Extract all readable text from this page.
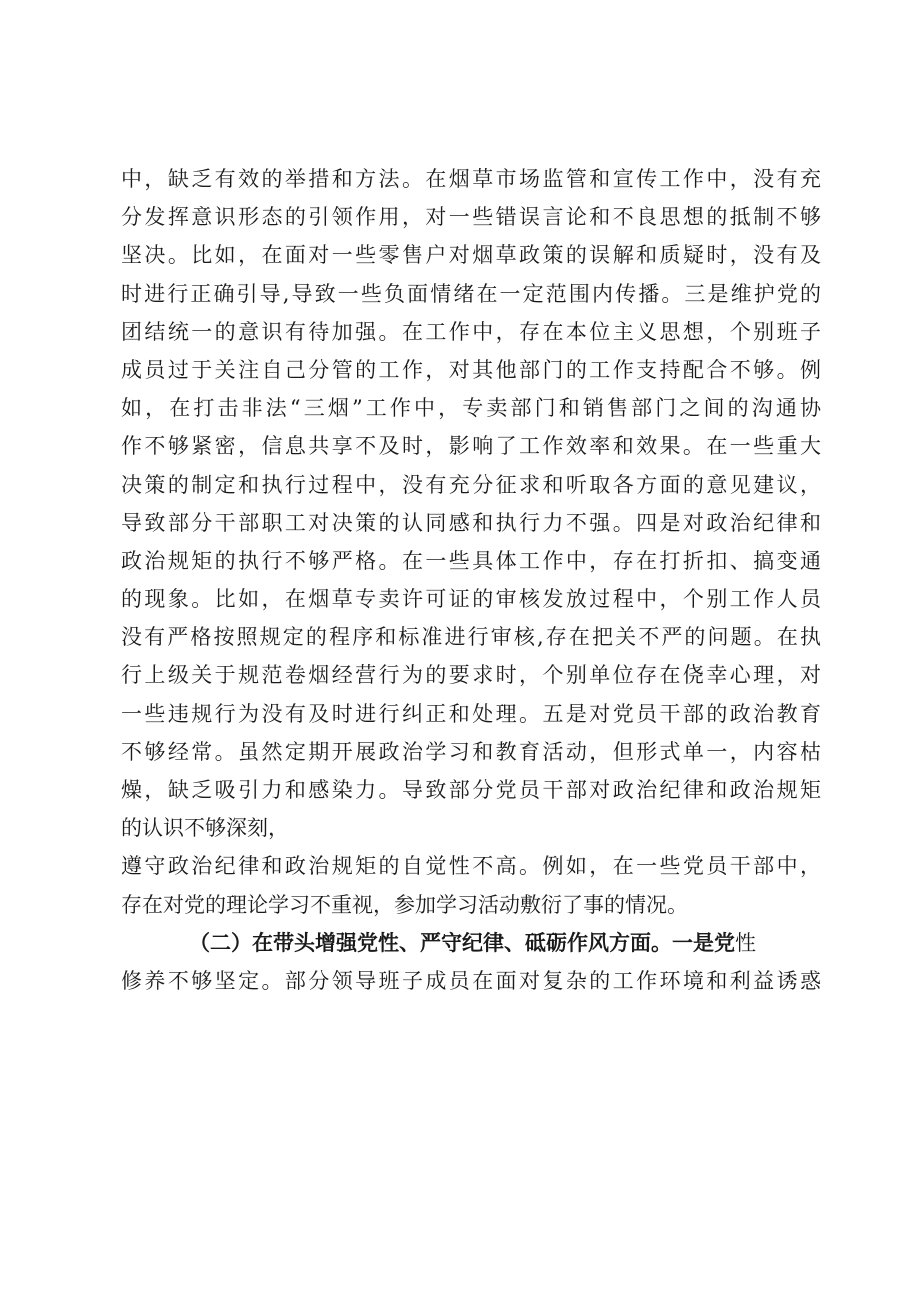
中，缺乏有效的举措和方法。在烟草市场监管和宣传工作中，没有充
分发挥意识形态的引领作用，对一些错误言论和不良思想的抵制不够
坚决。比如，在面对一些零售户对烟草政策的误解和质疑时，没有及
时进行正确引导,导致一些负面情绪在一定范围内传播。三是维护党的
团结统一的意识有待加强。在工作中，存在本位主义思想，个别班子
成员过于关注自己分管的工作，对其他部门的工作支持配合不够。例
如，在打击非法“三烟”工作中，专卖部门和销售部门之间的沟通协
作不够紧密，信息共享不及时，影响了工作效率和效果。在一些重大
决策的制定和执行过程中，没有充分征求和听取各方面的意见建议，
导致部分干部职工对决策的认同感和执行力不强。四是对政治纪律和
政治规矩的执行不够严格。在一些具体工作中，存在打折扣、搞变通
的现象。比如，在烟草专卖许可证的审核发放过程中，个别工作人员
没有严格按照规定的程序和标准进行审核,存在把关不严的问题。在执
行上级关于规范卷烟经营行为的要求时，个别单位存在侥幸心理，对
一些违规行为没有及时进行纠正和处理。五是对党员干部的政治教育
不够经常。虽然定期开展政治学习和教育活动，但形式单一，内容枯
燥，缺乏吸引力和感染力。导致部分党员干部对政治纪律和政治规矩
的认识不够深刻，
遵守政治纪律和政治规矩的自觉性不高。例如，在一些党员干部中，
存在对党的理论学习不重视，参加学习活动敷衍了事的情况。
（二）在带头增强党性、严守纪律、砥砺作风方面。一是党性
修养不够坚定。部分领导班子成员在面对复杂的工作环境和利益诱惑
